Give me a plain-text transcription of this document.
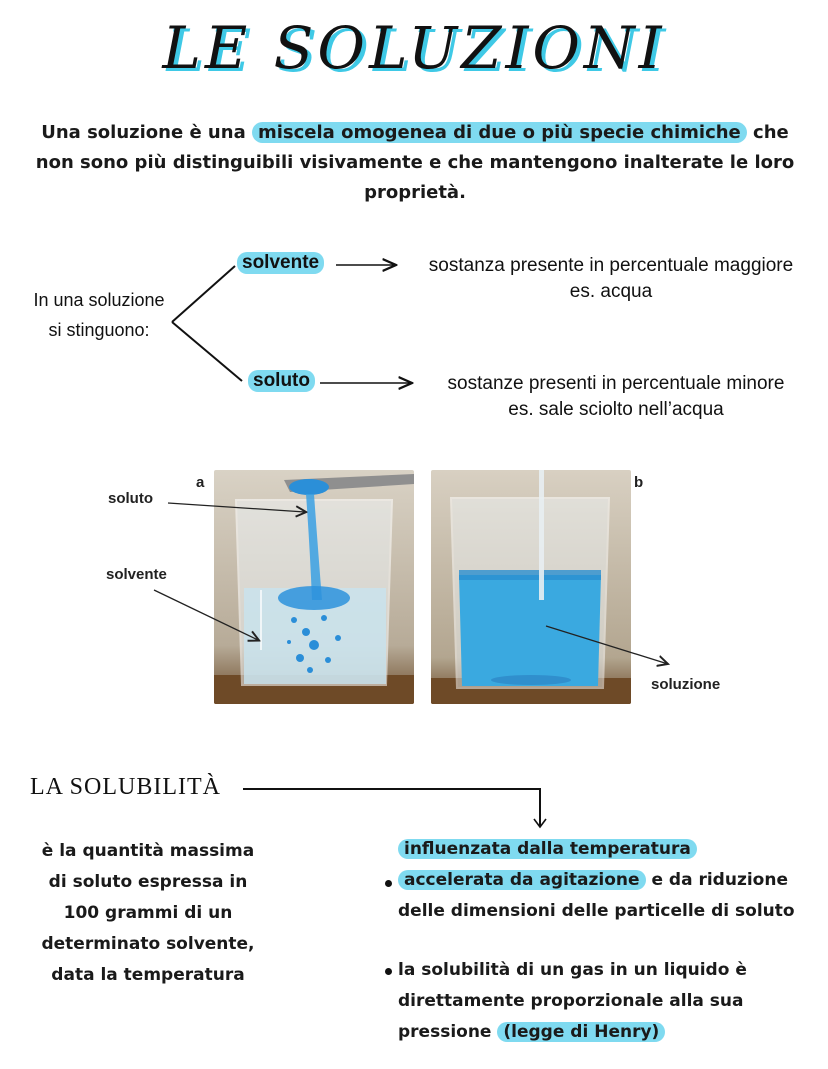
LE SOLUZIONI
Una soluzione è una miscela omogenea di due o più specie chimiche che non sono più distinguibili visivamente e che mantengono inalterate le loro proprietà.
In una soluzione
si stinguono:
solvente	sostanza presente in percentuale maggiore
es. acqua
soluto	sostanze presenti in percentuale minore
es. sale sciolto nell’acqua
a	b
soluto
solvente
soluzione
LA SOLUBILITÀ
è la quantità massima
di soluto espressa in
100 grammi di un
determinato solvente,
data la temperatura
influenzata dalla temperatura
accelerata da agitazione e da riduzione
delle dimensioni delle particelle di soluto
la solubilità di un gas in un liquido è
direttamente proporzionale alla sua
pressione (legge di Henry)
